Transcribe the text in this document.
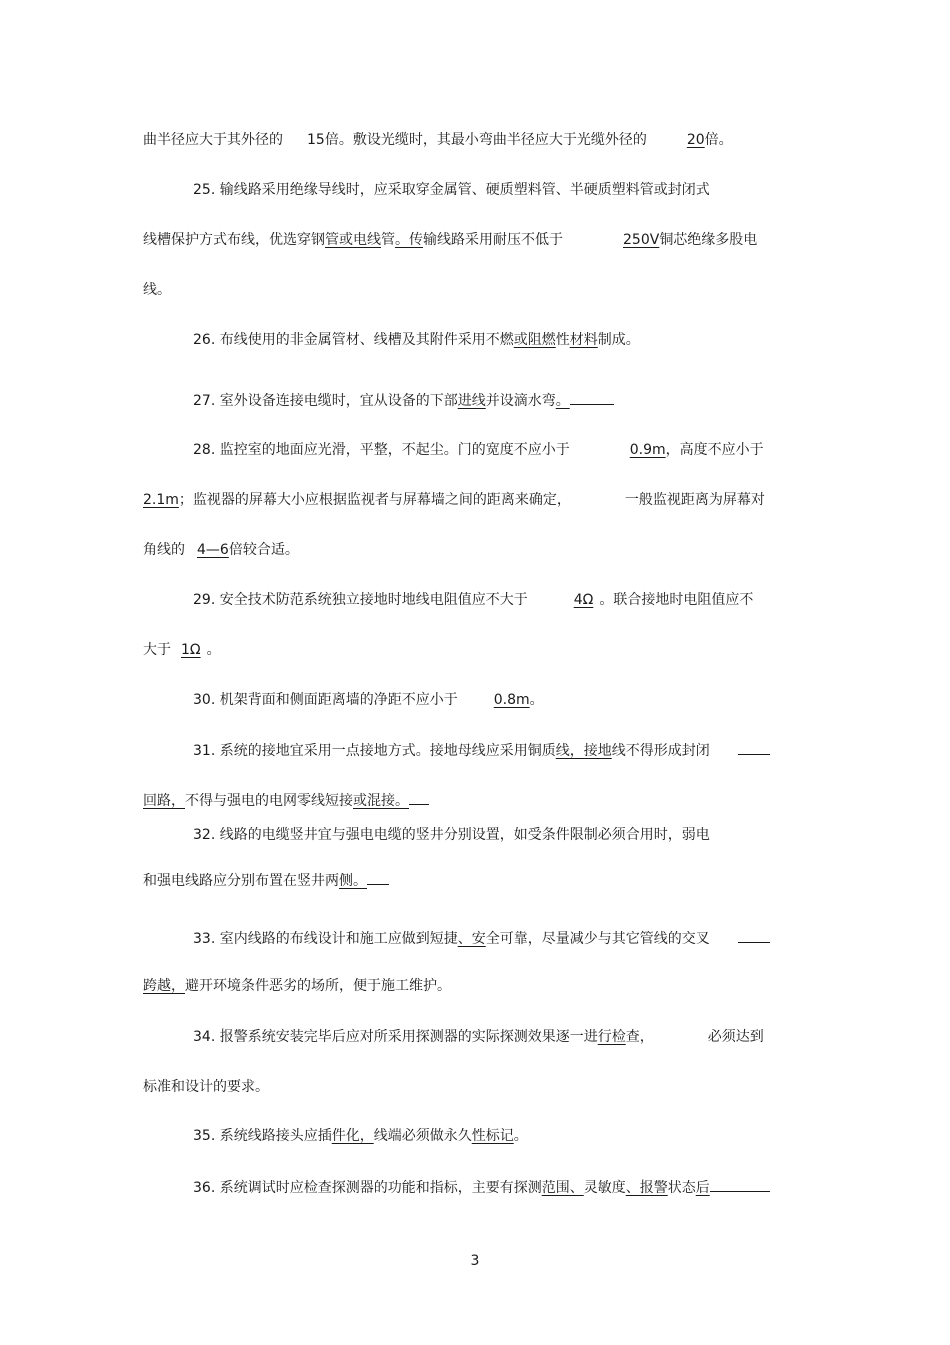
曲半径应大于其外径的 15倍。敷设光缆时，其最小弯曲半径应大于光缆外径的	20倍。
25. 输线路采用绝缘导线时，应采取穿金属管、硬质塑料管、半硬质塑料管或封闭式
线槽保护方式布线，优选穿钢管或电线管。传输线路采用耐压不低于	250V铜芯绝缘多股电
线。
26. 布线使用的非金属管材、线槽及其附件采用不燃或阻燃性材料制成。
27. 室外设备连接电缆时，宜从设备的下部进线并设滴水弯。
28. 监控室的地面应光滑，平整，不起尘。门的宽度不应小于	0.9m，高度不应小于
2.1m；监视器的屏幕大小应根据监视者与屏幕墙之间的距离来确定，	一般监视距离为屏幕对
角线的 4—6倍较合适。
29. 安全技术防范系统独立接地时地线电阻值应不大于	4Ω 。联合接地时电阻值应不
大于 1Ω 。
30. 机架背面和侧面距离墙的净距不应小于	0.8m。
31. 系统的接地宜采用一点接地方式。接地母线应采用铜质线，接地线不得形成封闭
回路，不得与强电的电网零线短接或混接。
32. 线路的电缆竖井宜与强电电缆的竖井分别设置，如受条件限制必须合用时，弱电
和强电线路应分别布置在竖井两侧。
33. 室内线路的布线设计和施工应做到短捷、安全可靠，尽量减少与其它管线的交叉
跨越，避开环境条件恶劣的场所，便于施工维护。
34. 报警系统安装完毕后应对所采用探测器的实际探测效果逐一进行检查，	必须达到
标准和设计的要求。
35. 系统线路接头应插件化，线端必须做永久性标记。
36. 系统调试时应检查探测器的功能和指标，主要有探测范围、灵敏度、报警状态后
3
